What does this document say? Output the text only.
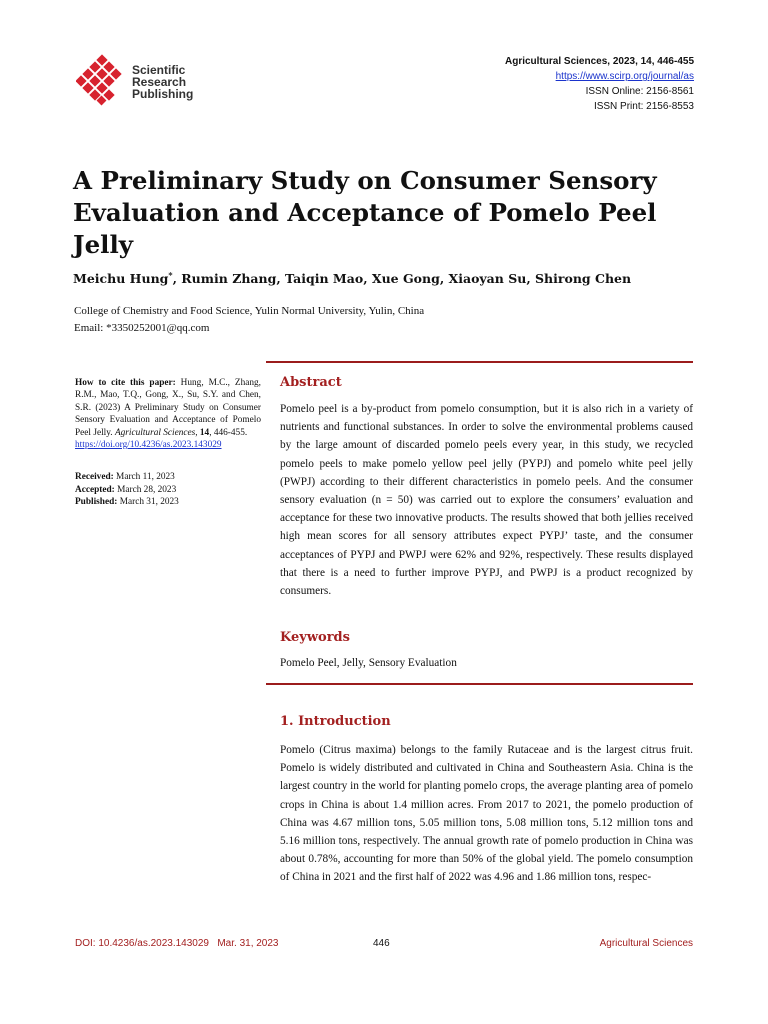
Scientific
Research
Publishing
Agricultural Sciences, 2023, 14, 446-455
https://www.scirp.org/journal/as
ISSN Online: 2156-8561
ISSN Print: 2156-8553
A Preliminary Study on Consumer Sensory
Evaluation and Acceptance of Pomelo Peel Jelly
Meichu Hung*, Rumin Zhang, Taiqin Mao, Xue Gong, Xiaoyan Su, Shirong Chen
College of Chemistry and Food Science, Yulin Normal University, Yulin, China
Email: *3350252001@qq.com
How to cite this paper: Hung, M.C., Zhang, R.M., Mao, T.Q., Gong, X., Su, S.Y. and Chen, S.R. (2023) A Preliminary Study on Consumer Sensory Evaluation and Acceptance of Pomelo Peel Jelly. Agricultural Sciences, 14, 446-455.
https://doi.org/10.4236/as.2023.143029
Received: March 11, 2023
Accepted: March 28, 2023
Published: March 31, 2023
Abstract
Pomelo peel is a by-product from pomelo consumption, but it is also rich in a variety of nutrients and functional substances. In order to solve the environmental problems caused by the large amount of discarded pomelo peels every year, in this study, we recycled pomelo peels to make pomelo yellow peel jelly (PYPJ) and pomelo white peel jelly (PWPJ) according to their different characteristics in pomelo peels. And the consumer sensory evaluation (n = 50) was carried out to explore the consumers’ evaluation and acceptance for these two innovative products. The results showed that both jellies received high mean scores for all sensory attributes expect PYPJ’ taste, and the consumer acceptances of PYPJ and PWPJ were 62% and 92%, respectively. These results displayed that there is a need to further improve PYPJ, and PWPJ is a product recognized by consumers.
Keywords
Pomelo Peel, Jelly, Sensory Evaluation
1. Introduction
Pomelo (Citrus maxima) belongs to the family Rutaceae and is the largest citrus fruit. Pomelo is widely distributed and cultivated in China and Southeastern Asia. China is the largest country in the world for planting pomelo crops, the average planting area of pomelo crops in China is about 1.4 million acres. From 2017 to 2021, the pomelo production of China was 4.67 million tons, 5.05 million tons, 5.08 million tons, 5.12 million tons and 5.16 million tons, respectively. The annual growth rate of pomelo production in China was about 0.78%, accounting for more than 50% of the global yield. The pomelo consumption of China in 2021 and the first half of 2022 was 4.96 and 1.86 million tons, respec-
DOI: 10.4236/as.2023.143029 Mar. 31, 2023	446	Agricultural Sciences
